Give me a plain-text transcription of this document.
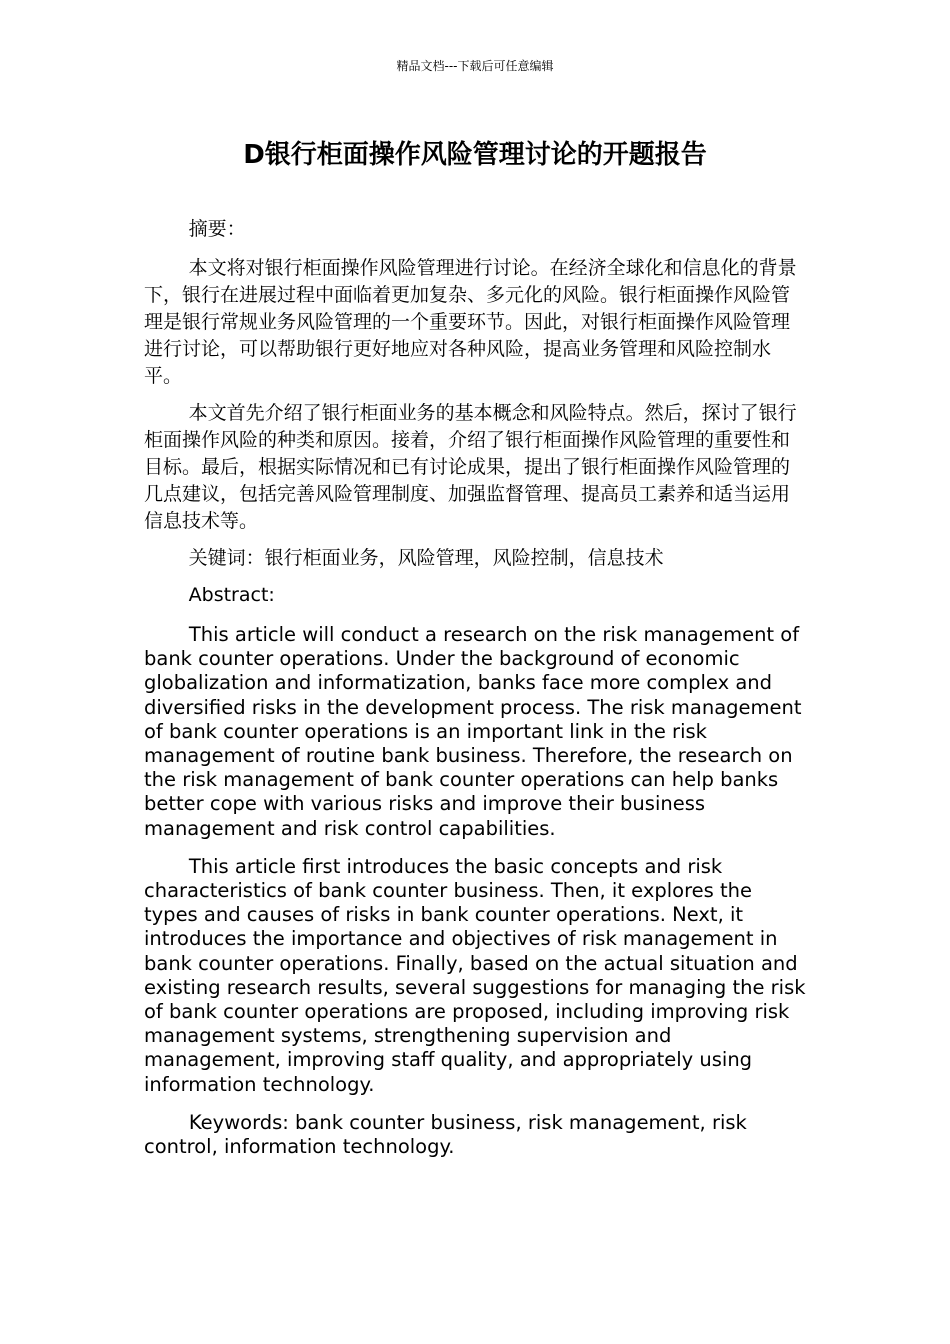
精品文档---下载后可任意编辑
D银行柜面操作风险管理讨论的开题报告

摘要：

本文将对银行柜面操作风险管理进行讨论。在经济全球化和信息化的背景下，银行在进展过程中面临着更加复杂、多元化的风险。银行柜面操作风险管理是银行常规业务风险管理的一个重要环节。因此，对银行柜面操作风险管理进行讨论，可以帮助银行更好地应对各种风险，提高业务管理和风险控制水平。

本文首先介绍了银行柜面业务的基本概念和风险特点。然后，探讨了银行柜面操作风险的种类和原因。接着，介绍了银行柜面操作风险管理的重要性和目标。最后，根据实际情况和已有讨论成果，提出了银行柜面操作风险管理的几点建议，包括完善风险管理制度、加强监督管理、提高员工素养和适当运用信息技术等。

关键词：银行柜面业务，风险管理，风险控制，信息技术

Abstract:

This article will conduct a research on the risk management of bank counter operations. Under the background of economic globalization and informatization, banks face more complex and diversified risks in the development process. The risk management of bank counter operations is an important link in the risk management of routine bank business. Therefore, the research on the risk management of bank counter operations can help banks better cope with various risks and improve their business management and risk control capabilities.

This article first introduces the basic concepts and risk characteristics of bank counter business. Then, it explores the types and causes of risks in bank counter operations. Next, it introduces the importance and objectives of risk management in bank counter operations. Finally, based on the actual situation and existing research results, several suggestions for managing the risk of bank counter operations are proposed, including improving risk management systems, strengthening supervision and management, improving staff quality, and appropriately using information technology.

Keywords: bank counter business, risk management, risk control, information technology.
